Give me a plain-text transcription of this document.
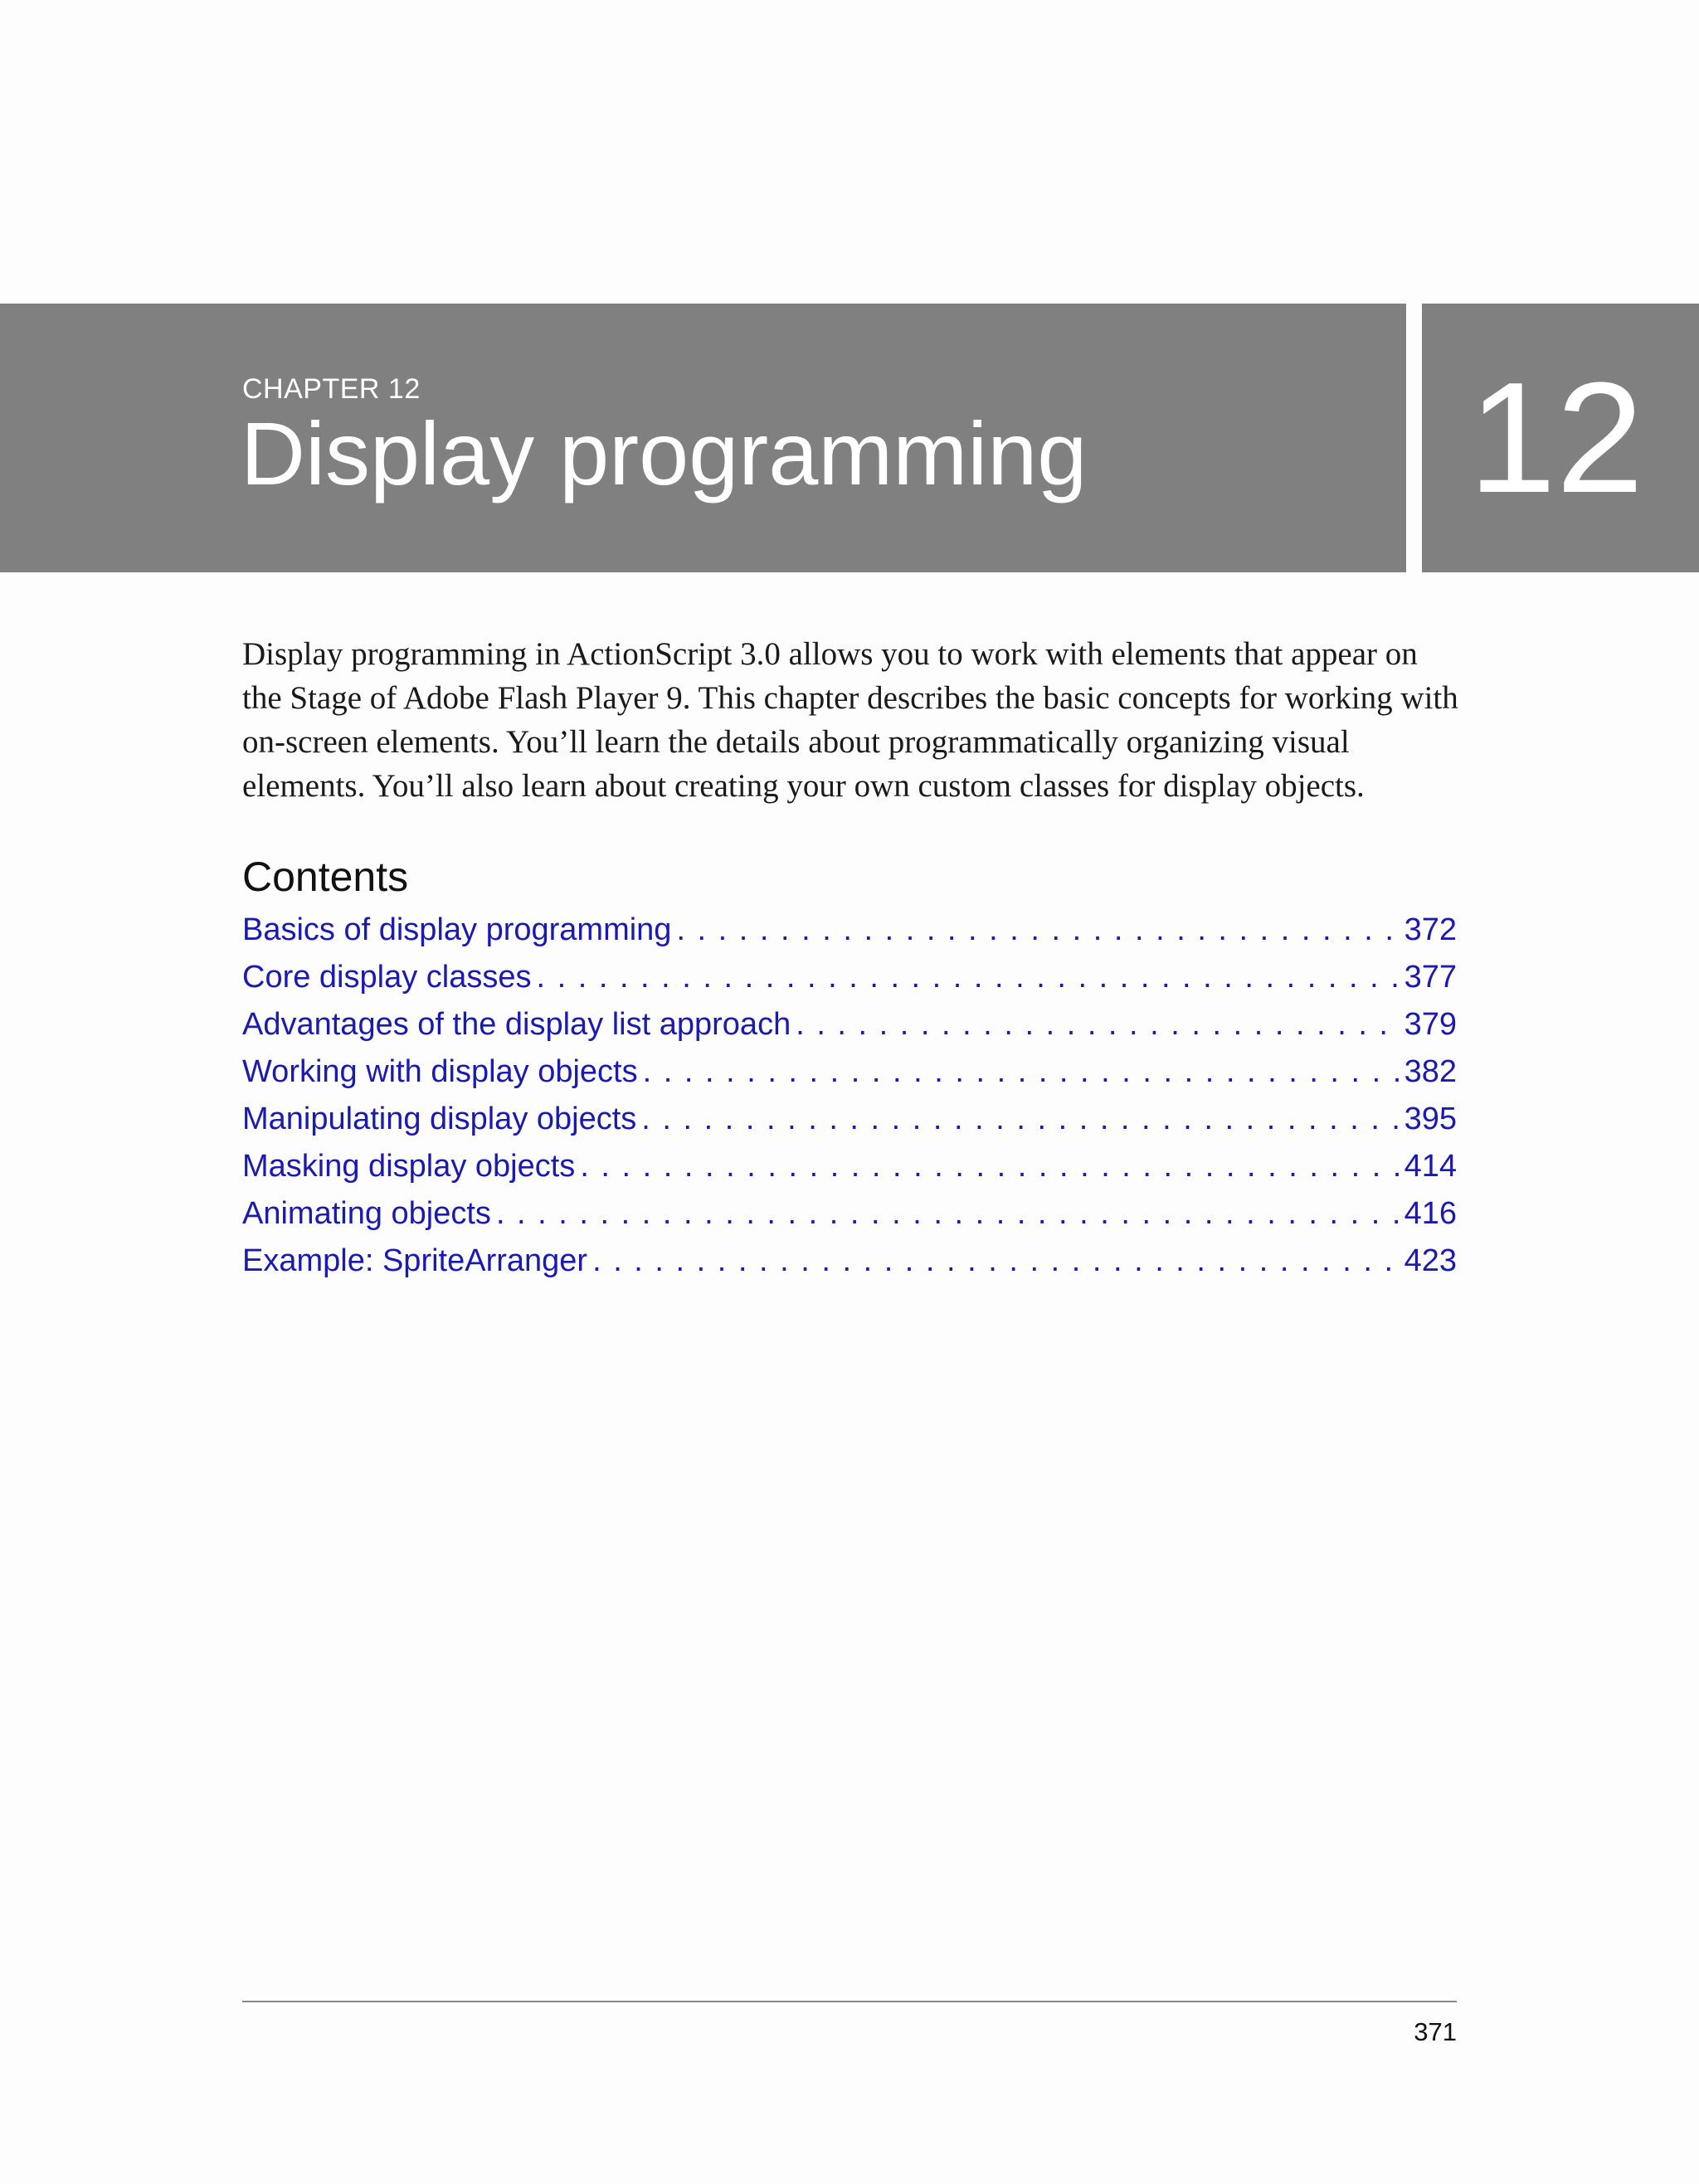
CHAPTER 12
Display programming 12

Display programming in ActionScript 3.0 allows you to work with elements that appear on the Stage of Adobe Flash Player 9. This chapter describes the basic concepts for working with on-screen elements. You’ll learn the details about programmatically organizing visual elements. You’ll also learn about creating your own custom classes for display objects.

Contents
Basics of display programming . . .	372
Core display classes . . .	377
Advantages of the display list approach . . .	379
Working with display objects . . .	382
Manipulating display objects . . .	395
Masking display objects . . .	414
Animating objects . . .	416
Example: SpriteArranger . . .	423
371
